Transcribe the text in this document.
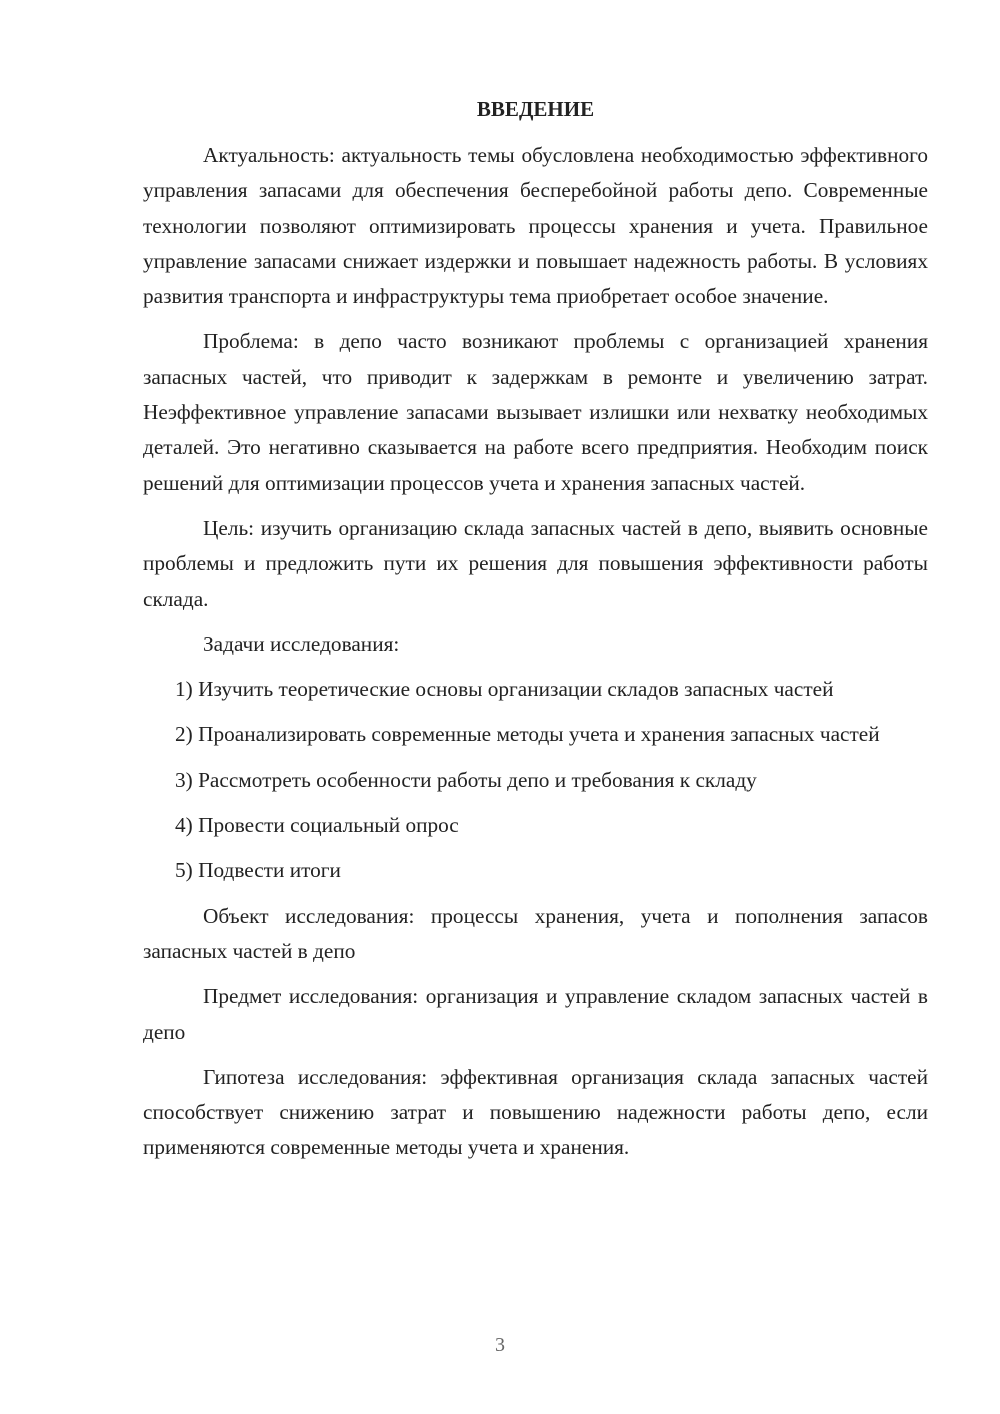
ВВЕДЕНИЕ

Актуальность: актуальность темы обусловлена необходимостью эффективного управления запасами для обеспечения бесперебойной работы депо. Современные технологии позволяют оптимизировать процессы хранения и учета. Правильное управление запасами снижает издержки и повышает надежность работы. В условиях развития транспорта и инфраструктуры тема приобретает особое значение.

Проблема: в депо часто возникают проблемы с организацией хранения запасных частей, что приводит к задержкам в ремонте и увеличению затрат. Неэффективное управление запасами вызывает излишки или нехватку необходимых деталей. Это негативно сказывается на работе всего предприятия. Необходим поиск решений для оптимизации процессов учета и хранения запасных частей.

Цель: изучить организацию склада запасных частей в депо, выявить основные проблемы и предложить пути их решения для повышения эффективности работы склада.

Задачи исследования:

1) Изучить теоретические основы организации складов запасных частей

2) Проанализировать современные методы учета и хранения запасных частей

3) Рассмотреть особенности работы депо и требования к складу

4) Провести социальный опрос

5) Подвести итоги

Объект исследования: процессы хранения, учета и пополнения запасов запасных частей в депо

Предмет исследования: организация и управление складом запасных частей в депо

Гипотеза исследования: эффективная организация склада запасных частей способствует снижению затрат и повышению надежности работы депо, если применяются современные методы учета и хранения.

3
